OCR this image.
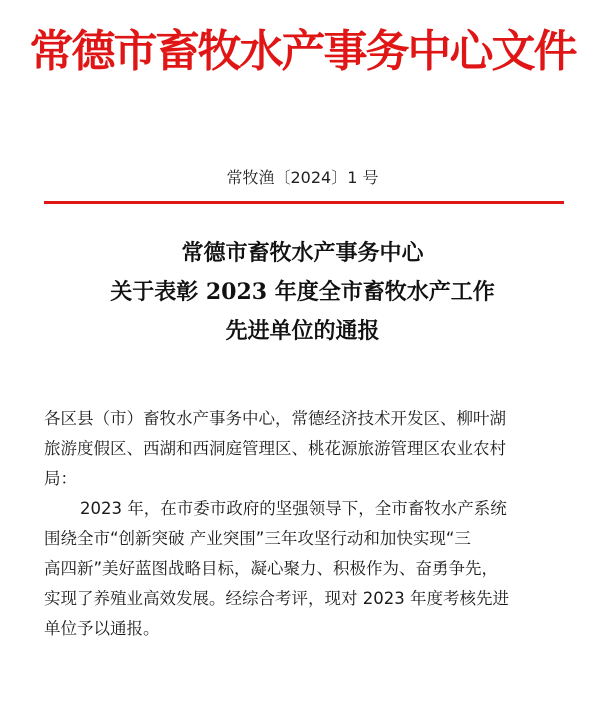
常德市畜牧水产事务中心文件
常牧渔〔2024〕1 号
常德市畜牧水产事务中心
关于表彰 2023 年度全市畜牧水产工作
先进单位的通报
各区县（市）畜牧水产事务中心，常德经济技术开发区、柳叶湖
旅游度假区、西湖和西洞庭管理区、桃花源旅游管理区农业农村
局：
2023 年，在市委市政府的坚强领导下，全市畜牧水产系统
围绕全市“创新突破 产业突围”三年攻坚行动和加快实现“三
高四新”美好蓝图战略目标，凝心聚力、积极作为、奋勇争先，
实现了养殖业高效发展。经综合考评，现对 2023 年度考核先进
单位予以通报。
